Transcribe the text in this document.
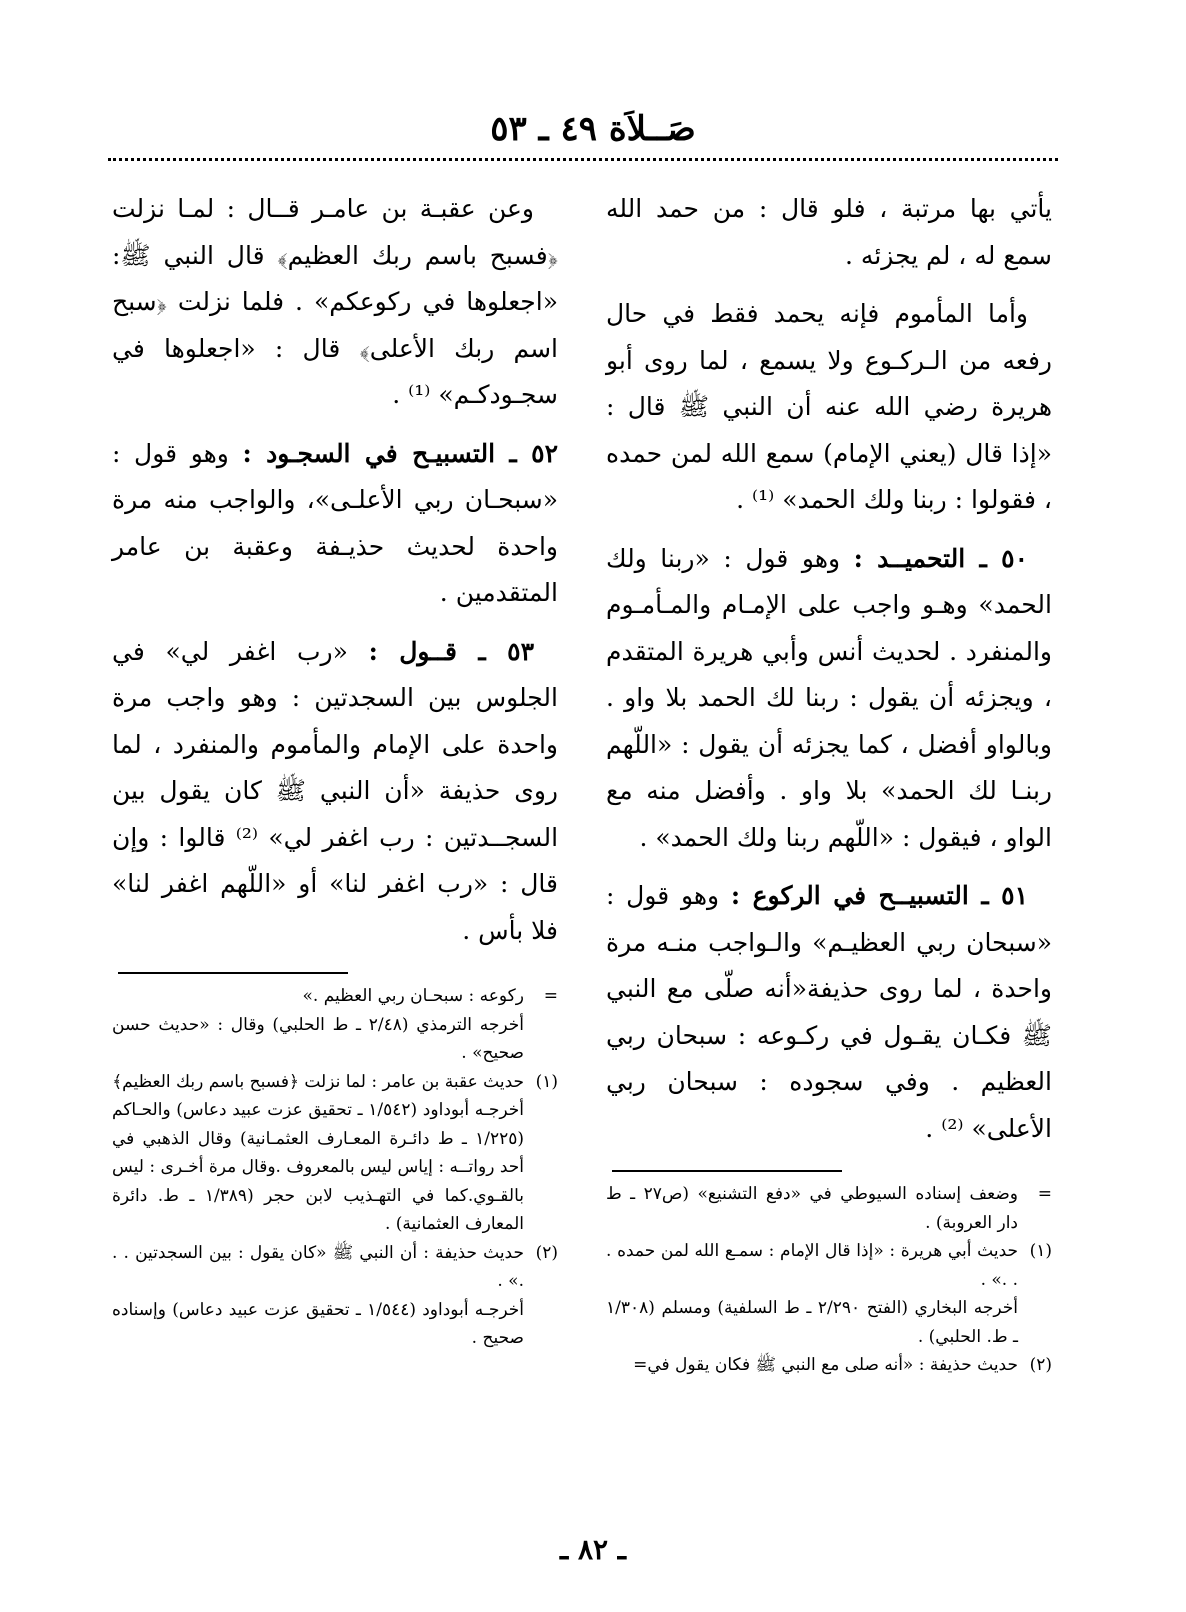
صَــلاَة ٤٩ ـ ٥٣

يأتي بها مرتبة ، فلو قال : من حمد الله سمع له ، لم يجزئه .

وأما المأموم فإنه يحمد فقط في حال رفعه من الـركـوع ولا يسمع ، لما روى أبو هريرة رضي الله عنه أن النبي ﷺ قال : «إذا قال (يعني الإمام) سمع الله لمن حمده ، فقولوا : ربنا ولك الحمد» ⁽¹⁾ .

٥٠ ـ التحميــد : وهو قول : «ربنا ولك الحمد» وهـو واجب على الإمـام والمـأمـوم والمنفرد . لحديث أنس وأبي هريرة المتقدم ، ويجزئه أن يقول : ربنا لك الحمد بلا واو . وبالواو أفضل ، كما يجزئه أن يقول : «اللّهم ربنـا لك الحمد» بلا واو . وأفضل منه مع الواو ، فيقول : «اللّهم ربنا ولك الحمد» .

٥١ ـ التسبيــح في الركوع : وهو قول : «سبحان ربي العظيـم» والـواجب منـه مرة واحدة ، لما روى حذيفة«أنه صلّى مع النبي ﷺ فكـان يقـول في ركـوعه : سبحان ربي العظيم . وفي سجوده : سبحان ربي الأعلى» ⁽²⁾ .

=
وضعف إسناده السيوطي في «دفع التشنيع» (ص٢٧ ـ ط دار العروبة) .
(١)
حديث أبي هريرة : «إذا قال الإمام : سمـع الله لمن حمده . . .» .
أخرجه البخاري (الفتح ٢/٢٩٠ ـ ط السلفية) ومسلم (١/٣٠٨ ـ ط. الحلبي) .
(٢)
حديث حذيفة : «أنه صلى مع النبي ﷺ فكان يقول في=

وعن عقبـة بن عامـر قــال : لمـا نزلت ﴿فسبح باسم ربك العظيم﴾ قال النبي ﷺ: «اجعلوها في ركوعكم» . فلما نزلت ﴿سبح اسم ربك الأعلى﴾ قال : «اجعلوها في سجـودكـم» ⁽¹⁾ .

٥٢ ـ التسبيـح في السجـود : وهو قول : «سبحـان ربي الأعلـى»، والواجب منه مرة واحدة لحديث حذيـفة وعقبة بن عامر المتقدمين .

٥٣ ـ قــول : «رب اغفر لي» في الجلوس بين السجدتين : وهو واجب مرة واحدة على الإمام والمأموم والمنفرد ، لما روى حذيفة «أن النبي ﷺ كان يقول بين السجــدتين : رب اغفر لي» ⁽²⁾ قالوا : وإن قال : «رب اغفر لنا» أو «اللّهم اغفر لنا» فلا بأس .

=
ركوعه : سبحـان ربي العظيم .»
أخرجه الترمذي (٢/٤٨ ـ ط الحلبي) وقال : «حديث حسن صحيح» .
(١)
حديث عقبة بن عامر : لما نزلت ﴿فسبح باسم ربك العظيم﴾
أخرجـه أبوداود (١/٥٤٢ ـ تحقيق عزت عبيد دعاس) والحـاكم (١/٢٢٥ ـ ط دائـرة المعـارف العثمـانية) وقال الذهبي في أحد رواتــه : إياس ليس بالمعروف .وقال مرة أخـرى : ليس بالقـوي.كما في التهـذيب لابن حجر (١/٣٨٩ ـ ط. دائرة المعارف العثمانية) .
(٢)
حديث حذيفة : أن النبي ﷺ «كان يقول : بين السجدتين . . .» .
أخرجـه أبوداود (١/٥٤٤ ـ تحقيق عزت عبيد دعاس) وإسناده صحيح .
ـ ٨٢ ـ
